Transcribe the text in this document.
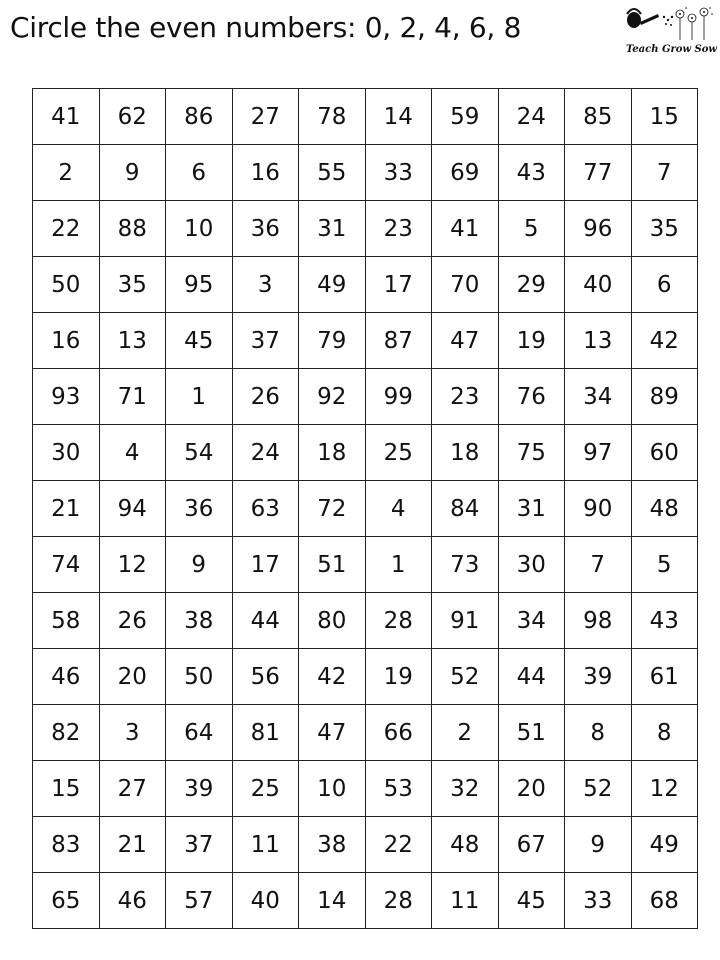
Circle the even numbers: 0, 2, 4, 6, 8
Teach Grow Sow
41	62	86	27	78	14	59	24	85	15
2	9	6	16	55	33	69	43	77	7
22	88	10	36	31	23	41	5	96	35
50	35	95	3	49	17	70	29	40	6
16	13	45	37	79	87	47	19	13	42
93	71	1	26	92	99	23	76	34	89
30	4	54	24	18	25	18	75	97	60
21	94	36	63	72	4	84	31	90	48
74	12	9	17	51	1	73	30	7	5
58	26	38	44	80	28	91	34	98	43
46	20	50	56	42	19	52	44	39	61
82	3	64	81	47	66	2	51	8	8
15	27	39	25	10	53	32	20	52	12
83	21	37	11	38	22	48	67	9	49
65	46	57	40	14	28	11	45	33	68
